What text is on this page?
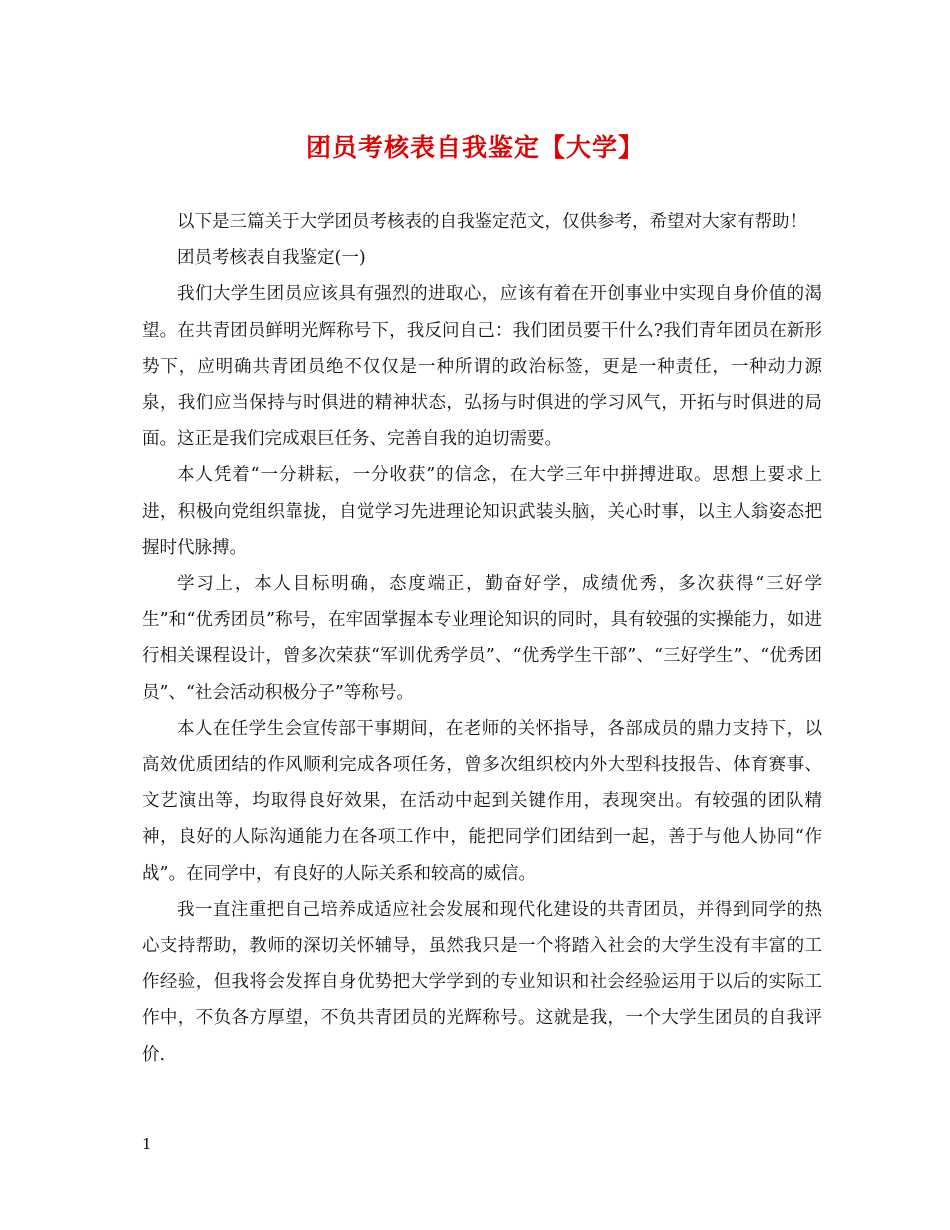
团员考核表自我鉴定【大学】

以下是三篇关于大学团员考核表的自我鉴定范文，仅供参考，希望对大家有帮助！

团员考核表自我鉴定(一)

我们大学生团员应该具有强烈的进取心，应该有着在开创事业中实现自身价值的渴望。在共青团员鲜明光辉称号下，我反问自己：我们团员要干什么?我们青年团员在新形势下，应明确共青团员绝不仅仅是一种所谓的政治标签，更是一种责任，一种动力源泉，我们应当保持与时俱进的精神状态，弘扬与时俱进的学习风气，开拓与时俱进的局面。这正是我们完成艰巨任务、完善自我的迫切需要。

本人凭着“一分耕耘，一分收获”的信念，在大学三年中拼搏进取。思想上要求上进，积极向党组织靠拢，自觉学习先进理论知识武装头脑，关心时事，以主人翁姿态把握时代脉搏。

学习上，本人目标明确，态度端正，勤奋好学，成绩优秀，多次获得“三好学生”和“优秀团员”称号，在牢固掌握本专业理论知识的同时，具有较强的实操能力，如进行相关课程设计，曾多次荣获“军训优秀学员”、“优秀学生干部”、“三好学生”、“优秀团员”、“社会活动积极分子”等称号。

本人在任学生会宣传部干事期间，在老师的关怀指导，各部成员的鼎力支持下，以高效优质团结的作风顺利完成各项任务，曾多次组织校内外大型科技报告、体育赛事、文艺演出等，均取得良好效果，在活动中起到关键作用，表现突出。有较强的团队精神，良好的人际沟通能力在各项工作中，能把同学们团结到一起，善于与他人协同“作战”。在同学中，有良好的人际关系和较高的威信。

我一直注重把自己培养成适应社会发展和现代化建设的共青团员，并得到同学的热心支持帮助，教师的深切关怀辅导，虽然我只是一个将踏入社会的大学生没有丰富的工作经验，但我将会发挥自身优势把大学学到的专业知识和社会经验运用于以后的实际工作中，不负各方厚望，不负共青团员的光辉称号。这就是我，一个大学生团员的自我评价.

1
